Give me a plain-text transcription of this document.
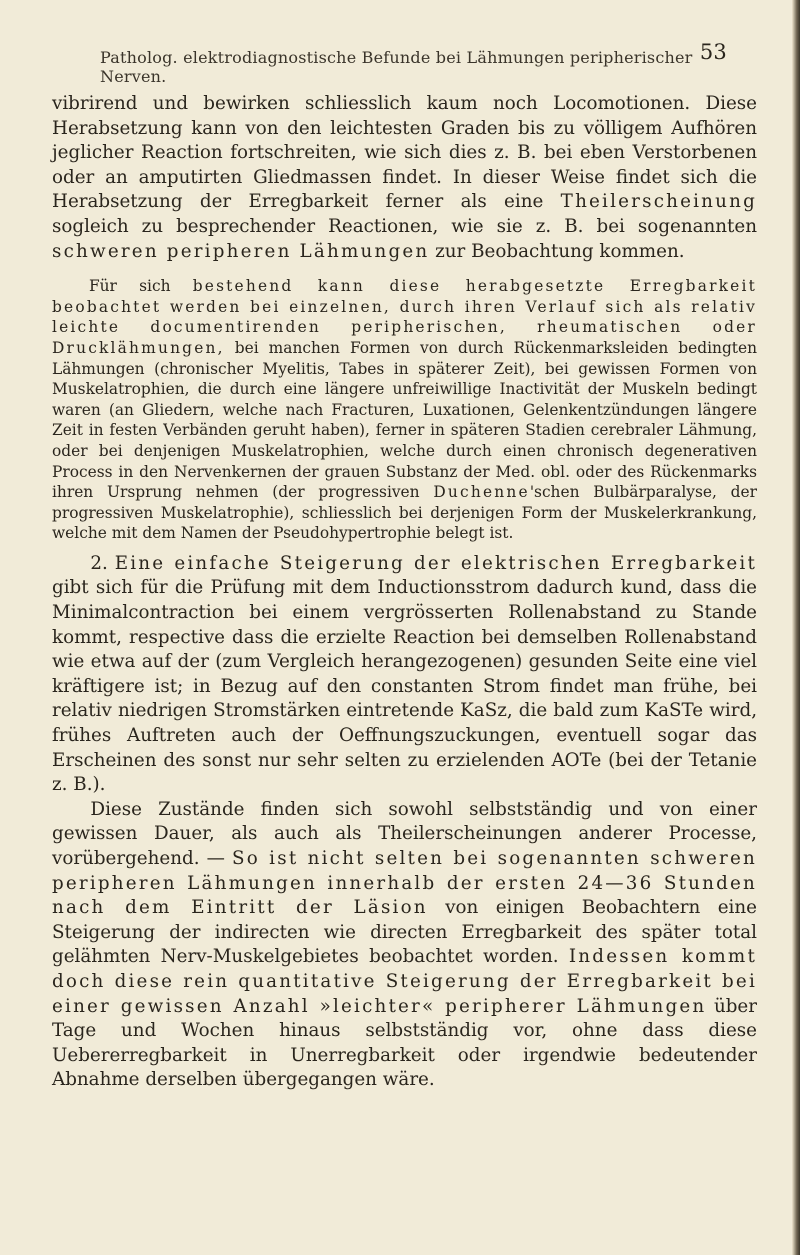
Patholog. elektrodiagnostische Befunde bei Lähmungen peripherischer Nerven.
53

vibrirend und bewirken schliesslich kaum noch Locomotionen. Diese Herabsetzung kann von den leichtesten Graden bis zu völligem Aufhören jeglicher Reaction fortschreiten, wie sich dies z. B. bei eben Verstorbenen oder an amputirten Gliedmassen findet. In dieser Weise findet sich die Herabsetzung der Erregbarkeit ferner als eine Theilerscheinung sogleich zu besprechender Reactionen, wie sie z. B. bei sogenannten schweren peripheren Lähmungen zur Beobachtung kommen.

Für sich bestehend kann diese herabgesetzte Erregbarkeit beobachtet werden bei einzelnen, durch ihren Verlauf sich als relativ leichte documentirenden peripherischen, rheumatischen oder Drucklähmungen, bei manchen Formen von durch Rückenmarksleiden bedingten Lähmungen (chronischer Myelitis, Tabes in späterer Zeit), bei gewissen Formen von Muskelatrophien, die durch eine längere unfreiwillige Inactivität der Muskeln bedingt waren (an Gliedern, welche nach Fracturen, Luxationen, Gelenkentzündungen längere Zeit in festen Verbänden geruht haben), ferner in späteren Stadien cerebraler Lähmung, oder bei denjenigen Muskelatrophien, welche durch einen chronisch degenerativen Process in den Nervenkernen der grauen Substanz der Med. obl. oder des Rückenmarks ihren Ursprung nehmen (der progressiven Duchenne'schen Bulbärparalyse, der progressiven Muskelatrophie), schliesslich bei derjenigen Form der Muskelerkrankung, welche mit dem Namen der Pseudohypertrophie belegt ist.

2. Eine einfache Steigerung der elektrischen Erregbarkeit gibt sich für die Prüfung mit dem Inductionsstrom dadurch kund, dass die Minimalcontraction bei einem vergrösserten Rollenabstand zu Stande kommt, respective dass die erzielte Reaction bei demselben Rollenabstand wie etwa auf der (zum Vergleich herangezogenen) gesunden Seite eine viel kräftigere ist; in Bezug auf den constanten Strom findet man frühe, bei relativ niedrigen Stromstärken eintretende KaSz, die bald zum KaSTe wird, frühes Auftreten auch der Oeffnungszuckungen, eventuell sogar das Erscheinen des sonst nur sehr selten zu erzielenden AOTe (bei der Tetanie z. B.).

Diese Zustände finden sich sowohl selbstständig und von einer gewissen Dauer, als auch als Theilerscheinungen anderer Processe, vorübergehend. — So ist nicht selten bei sogenannten schweren peripheren Lähmungen innerhalb der ersten 24—36 Stunden nach dem Eintritt der Läsion von einigen Beobachtern eine Steigerung der indirecten wie directen Erregbarkeit des später total gelähmten Nerv-Muskelgebietes beobachtet worden. Indessen kommt doch diese rein quantitative Steigerung der Erregbarkeit bei einer gewissen Anzahl »leichter« peripherer Lähmungen über Tage und Wochen hinaus selbstständig vor, ohne dass diese Uebererregbarkeit in Unerregbarkeit oder irgendwie bedeutender Abnahme derselben übergegangen wäre.
